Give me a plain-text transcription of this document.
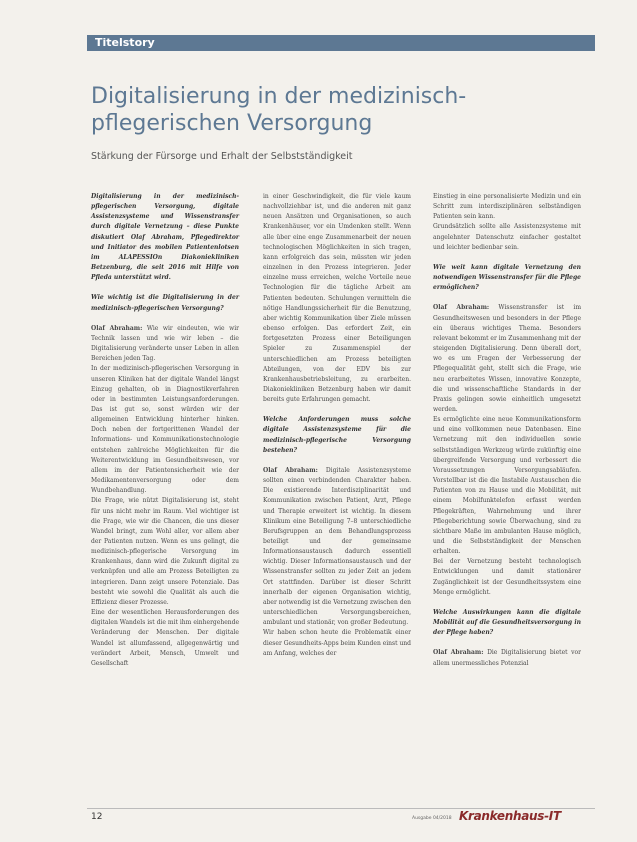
Titelstory
Digitalisierung in der medizinisch-pflegerischen Versorgung
Stärkung der Fürsorge und Erhalt der Selbstständigkeit

Digitalisierung in der medizinisch-pflegerischen Versorgung, digitale Assistenzsysteme und Wissenstransfer durch digitale Vernetzung – diese Punkte diskutiert Olaf Abraham, Pflegedirektor und Initiator des mobilen Patientenlotsen im ALAPESSIOn Diakoniekliniken Betzenburg, die seit 2016 mit Hilfe von Pfleda unterstützt wird.

Wie wichtig ist die Digitalisierung in der medizinisch-pflegerischen Versorgung?

Olaf Abraham: Wie wir eindeuten, wie wir Technik lassen und wie wir leben – die Digitalisierung veränderte unser Leben in allen Bereichen jeden Tag.

In der medizinisch-pflegerischen Versorgung in unseren Kliniken hat der digitale Wandel längst Einzug gehalten, ob in Diagnostikverfahren oder in bestimmten Leistungsanforderungen. Das ist gut so, sonst würden wir der allgemeinen Entwicklung hinterher hinken. Doch neben der fortgerittenen Wandel der Informations- und Kommunikationstechnologie entstehen zahlreiche Möglichkeiten für die Weiterentwicklung im Gesundheitswesen, vor allem im der Patientensicherheit wie der Medikamentenversorgung oder dem Wundbehandlung.

Die Frage, wie nützt Digitalisierung ist, steht für uns nicht mehr im Raum. Viel wichtiger ist die Frage, wie wir die Chancen, die uns dieser Wandel bringt, zum Wohl aller, vor allem aber der Patienten nutzen. Wenn es uns gelingt, die medizinisch-pflegerische Versorgung im Krankenhaus, dann wird die Zukunft digital zu verknüpfen und alle am Prozess Beteiligten zu integrieren. Dann zeigt unsere Potenziale. Das besteht wie sowohl die Qualität als auch die Effizienz dieser Prozesse.

Eine der wesentlichen Herausforderungen des digitalen Wandels ist die mit ihm einhergehende Veränderung der Menschen. Der digitale Wandel ist allumfassend, allgegenwärtig und verändert Arbeit, Mensch, Umwelt und Gesellschaft

in einer Geschwindigkeit, die für viele kaum nachvollziehbar ist, und die anderen mit ganz neuen Ansätzen und Organisationen, so auch Krankenhäuser, vor ein Umdenken stellt. Wenn alle über eine enge Zusammenarbeit der neuen technologischen Möglichkeiten in sich tragen, kann erfolgreich das sein, müssten wir jeden einzelnen in den Prozess integrieren. Jeder einzelne muss erreichen, welche Vorteile neue Technologien für die tägliche Arbeit am Patienten bedeuten. Schulungen vermitteln die nötige Handlungssicherheit für die Benutzung, aber wichtig Kommunikation über Ziele müssen ebenso erfolgen. Das erfordert Zeit, ein fortgesetzten Prozess einer Beteiligungen Spieler zu Zusammenspiel der unterschiedlichen am Prozess beteiligten Abteilungen, von der EDV bis zur Krankenhausbetriebsleitung, zu erarbeiten. Diakoniekliniken Betzenburg haben wir damit bereits gute Erfahrungen gemacht.

Welche Anforderungen muss solche digitale Assistenzsysteme für die medizinisch-pflegerische Versorgung bestehen?

Olaf Abraham: Digitale Assistenzsysteme sollten einen verbindenden Charakter haben. Die existierende Interdisziplinarität und Kommunikation zwischen Patient, Arzt, Pflege und Therapie erweitert ist wichtig. In diesem Klinikum eine Beteiligung 7–8 unterschiedliche Berufsgruppen an dem Behandlungsprozess beteiligt und der gemeinsame Informationsaustausch dadurch essentiell wichtig. Dieser Informationsaustausch und der Wissenstransfer sollten zu jeder Zeit an jedem Ort stattfinden. Darüber ist dieser Schritt innerhalb der eigenen Organisation wichtig, aber notwendig ist die Vernetzung zwischen den unterschiedlichen Versorgungsbereichen, ambulant und stationär, von großer Bedeutung.

Wir haben schon heute die Problematik einer dieser Gesundheits-Apps beim Kunden einst und am Anfang, welches der

Einstieg in eine personalisierte Medizin und ein Schritt zum interdisziplinären selbständigen Patienten sein kann.

Grundsätzlich sollte alle Assistenzsysteme mit angelehnter Datenschutz einfacher gestaltet und leichter bedienbar sein.

Wie weit kann digitale Vernetzung den notwendigen Wissenstransfer für die Pflege ermöglichen?

Olaf Abraham: Wissenstransfer ist im Gesundheitswesen und besonders in der Pflege ein überaus wichtiges Thema. Besonders relevant bekommt er im Zusammenhang mit der steigenden Digitalisierung. Denn überall dort, wo es um Fragen der Verbesserung der Pflegequalität geht, stellt sich die Frage, wie neu erarbeitetes Wissen, innovative Konzepte, die und wissenschaftliche Standards in der Praxis gelingen sowie einheitlich umgesetzt werden.

Es ermöglichte eine neue Kommunikationsform und eine vollkommen neue Datenbasen. Eine Vernetzung mit den individuellen sowie selbstständigen Werkzeug würde zukünftig eine übergreifende Versorgung und verbessert die Voraussetzungen Versorgungsabläufen. Vorstellbar ist die die Instabile Austauschen die Patienten von zu Hause und die Mobilität, mit einem Mobilfunktelefon erfasst werden Pflegekräften, Wahrnehmung und ihrer Pflegeberichtung sowie Überwachung, sind zu sichtbare Maße im ambulanten Hause möglich, und die Selbstständigkeit der Menschen erhalten.

Bei der Vernetzung besteht technologisch Entwicklungen und damit stationärer Zugänglichkeit ist der Gesundheitssystem eine Menge ermöglicht.

Welche Auswirkungen kann die digitale Mobilität auf die Gesundheitsversorgung in der Pflege haben?

Olaf Abraham: Die Digitalisierung bietet vor allem unermessliches Potenzial

12	Ausgabe 04/2018 Krankenhaus-IT
